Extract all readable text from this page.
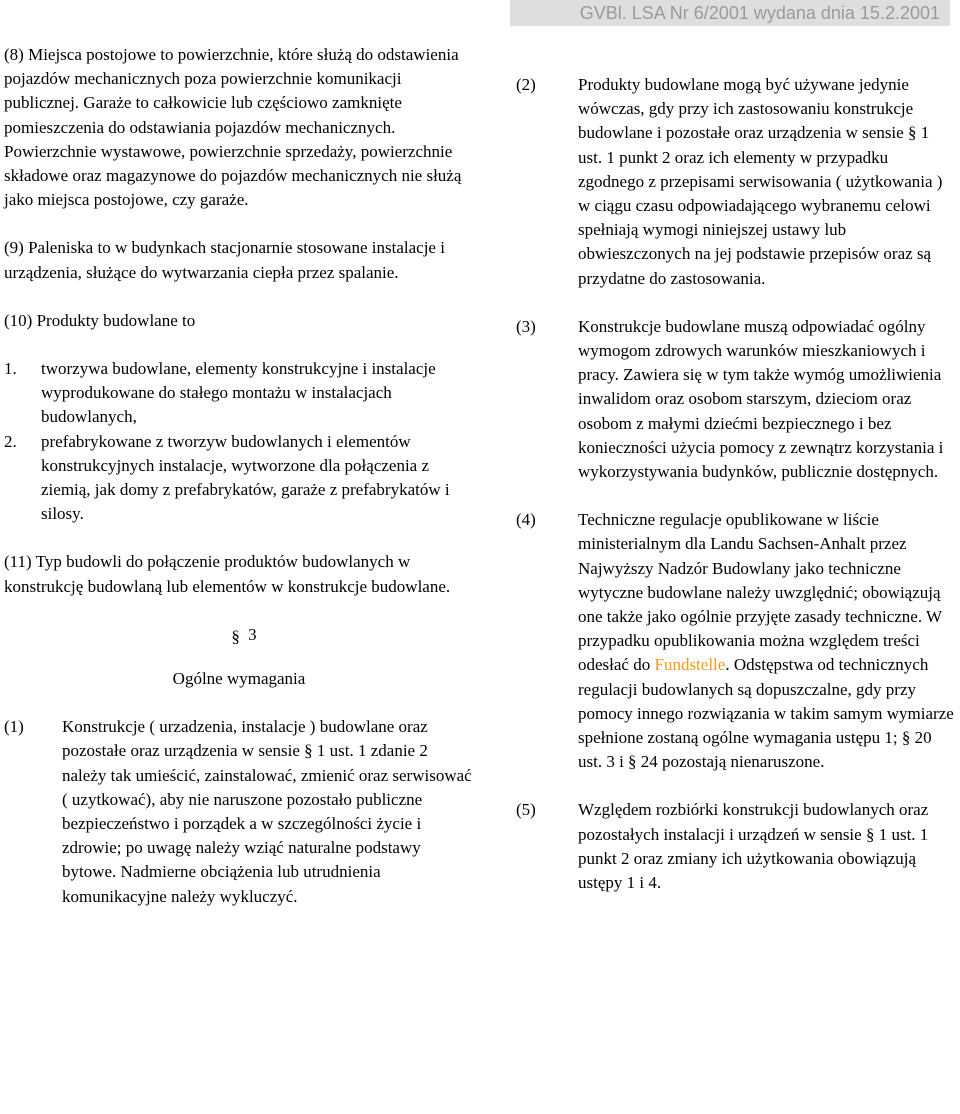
GVBl. LSA Nr 6/2001 wydana dnia 15.2.2001

(8) Miejsca postojowe to powierzchnie, które służą do odstawienia pojazdów mechanicznych poza powierzchnie komunikacji publicznej. Garaże to całkowicie lub częściowo zamknięte pomieszczenia do odstawiania pojazdów mechanicznych. Powierzchnie wystawowe, powierzchnie sprzedaży, powierzchnie składowe oraz magazynowe do pojazdów mechanicznych nie służą jako miejsca postojowe, czy garaże.

(9) Paleniska to w budynkach stacjonarnie stosowane instalacje i urządzenia, służące do wytwarzania ciepła przez spalanie.

(10) Produkty budowlane to

1.	tworzywa budowlane, elementy konstrukcyjne i instalacje wyprodukowane do stałego montażu w instalacjach budowlanych,
2.	prefabrykowane z tworzyw budowlanych i elementów konstrukcyjnych instalacje, wytworzone dla połączenia z ziemią, jak domy z prefabrykatów, garaże z prefabrykatów i silosy.

(11) Typ budowli do połączenie produktów budowlanych w konstrukcję budowlaną lub elementów w konstrukcje budowlane.

§ 3
Ogólne wymagania
(1)	Konstrukcje ( urzadzenia, instalacje ) budowlane oraz pozostałe oraz urządzenia w sensie § 1 ust. 1 zdanie 2 należy tak umieścić, zainstalować, zmienić oraz serwisować ( uzytkować), aby nie naruszone pozostało publiczne bezpieczeństwo i porządek a w szczególności życie i zdrowie; po uwagę należy wziąć naturalne podstawy bytowe. Nadmierne obciążenia lub utrudnienia komunikacyjne należy wykluczyć.
(2)	Produkty budowlane mogą być używane jedynie wówczas, gdy przy ich zastosowaniu konstrukcje budowlane i pozostałe oraz urządzenia w sensie § 1 ust. 1 punkt 2 oraz ich elementy w przypadku zgodnego z przepisami serwisowania ( użytkowania ) w ciągu czasu odpowiadającego wybranemu celowi spełniają wymogi niniejszej ustawy lub obwieszczonych na jej podstawie przepisów oraz są przydatne do zastosowania.
(3)	Konstrukcje budowlane muszą odpowiadać ogólny wymogom zdrowych warunków mieszkaniowych i pracy. Zawiera się w tym także wymóg umożliwienia inwalidom oraz osobom starszym, dzieciom oraz osobom z małymi dziećmi bezpiecznego i bez konieczności użycia pomocy z zewnątrz korzystania i wykorzystywania budynków, publicznie dostępnych.
(4)	Techniczne regulacje opublikowane w liście ministerialnym dla Landu Sachsen-Anhalt przez Najwyższy Nadzór Budowlany jako techniczne wytyczne budowlane należy uwzględnić; obowiązują one także jako ogólnie przyjęte zasady techniczne. W przypadku opublikowania można względem treści odesłać do Fundstelle. Odstępstwa od technicznych regulacji budowlanych są dopuszczalne, gdy przy pomocy innego rozwiązania w takim samym wymiarze spełnione zostaną ogólne wymagania ustępu 1; § 20 ust. 3 i § 24 pozostają nienaruszone.
(5)	Względem rozbiórki konstrukcji budowlanych oraz pozostałych instalacji i urządzeń w sensie § 1 ust. 1 punkt 2 oraz zmiany ich użytkowania obowiązują ustępy 1 i 4.
